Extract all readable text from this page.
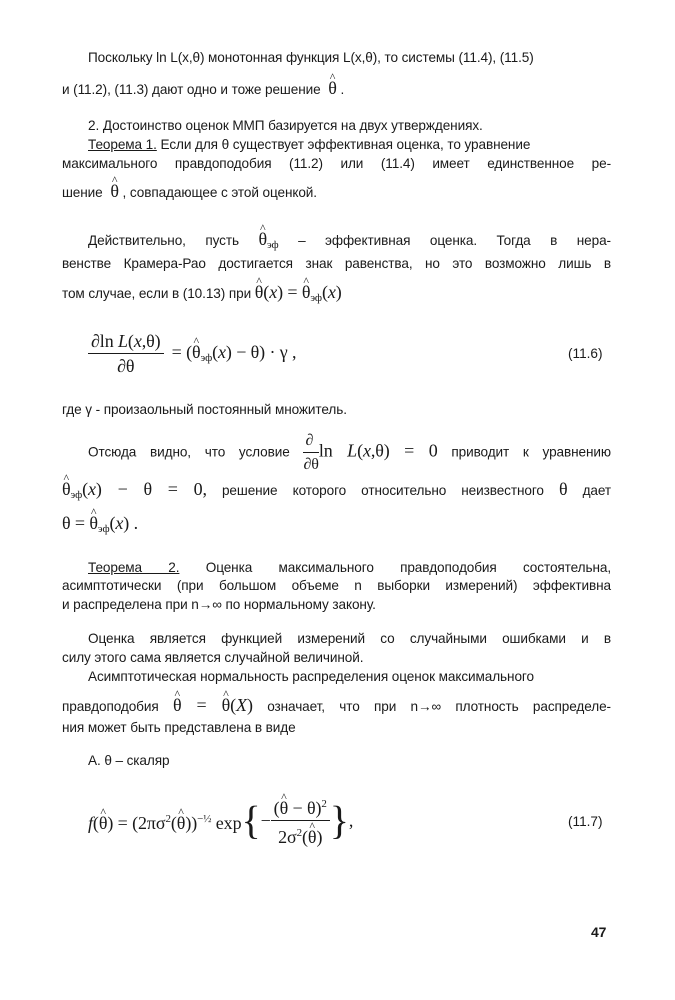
Поскольку ln L(x,θ) монотонная функция L(x,θ), то системы (11.4), (11.5)
и (11.2), (11.3) дают одно и тоже решение ^ θ .
2. Достоинство оценок ММП базируется на двух утверждениях.
Теорема 1. Если для θ существует эффективная оценка, то уравнение
максимального правдоподобия (11.2) или (11.4) имеет единственное ре-
шение ^ θ , совпадающее с этой оценкой.
Действительно, пусть ^ $\theta_{эф}$ – эффективная оценка. Тогда в нера-
венстве Крамера-Рао достигается знак равенства, но это возможно лишь в
том случае, если в (10.13) при ^ θ(x) = ^ $\theta_{эф}(x)$
$\frac{\text{∂ln L(x,θ)}}{\partial\theta}$ = (^ $\theta_{эф}(x) - \theta) \cdot \gamma$ ,	(11.6)
где γ - произаольный постоянный множитель.
Отсюда видно, что условие $\frac{\partial}{\partial\theta}$ ln L(x,θ) = 0 приводит к уравнению
^ $\theta_{эф}(x) - \theta = 0$, решение которого относительно неизвестного θ дает
θ = ^ $\theta_{эф}(x)$ .
Теорема 2. Оценка максимального правдоподобия состоятельна,
асимптотически (при большом объеме n выборки измерений) эффективна
и распределена при n→∞ по нормальному закону.
Оценка является функцией измерений со случайными ошибками и в
силу этого сама является случайной величиной.
Асимптотическая нормальность распределения оценок максимального
правдоподобия ^ θ = ^ θ(X) означает, что при n→∞ плотность распределе-
ния может быть представлена в виде
А. θ – скаляр
f(^ $\theta) = (2\pi\sigma^2(\^{}$ θ))$^{-\frac{1}{2}}$ $\exp\{- \frac{(\^{} \theta - \theta)^2}{2\sigma^2(\^{} \theta)}$ },	(11.7)
47
